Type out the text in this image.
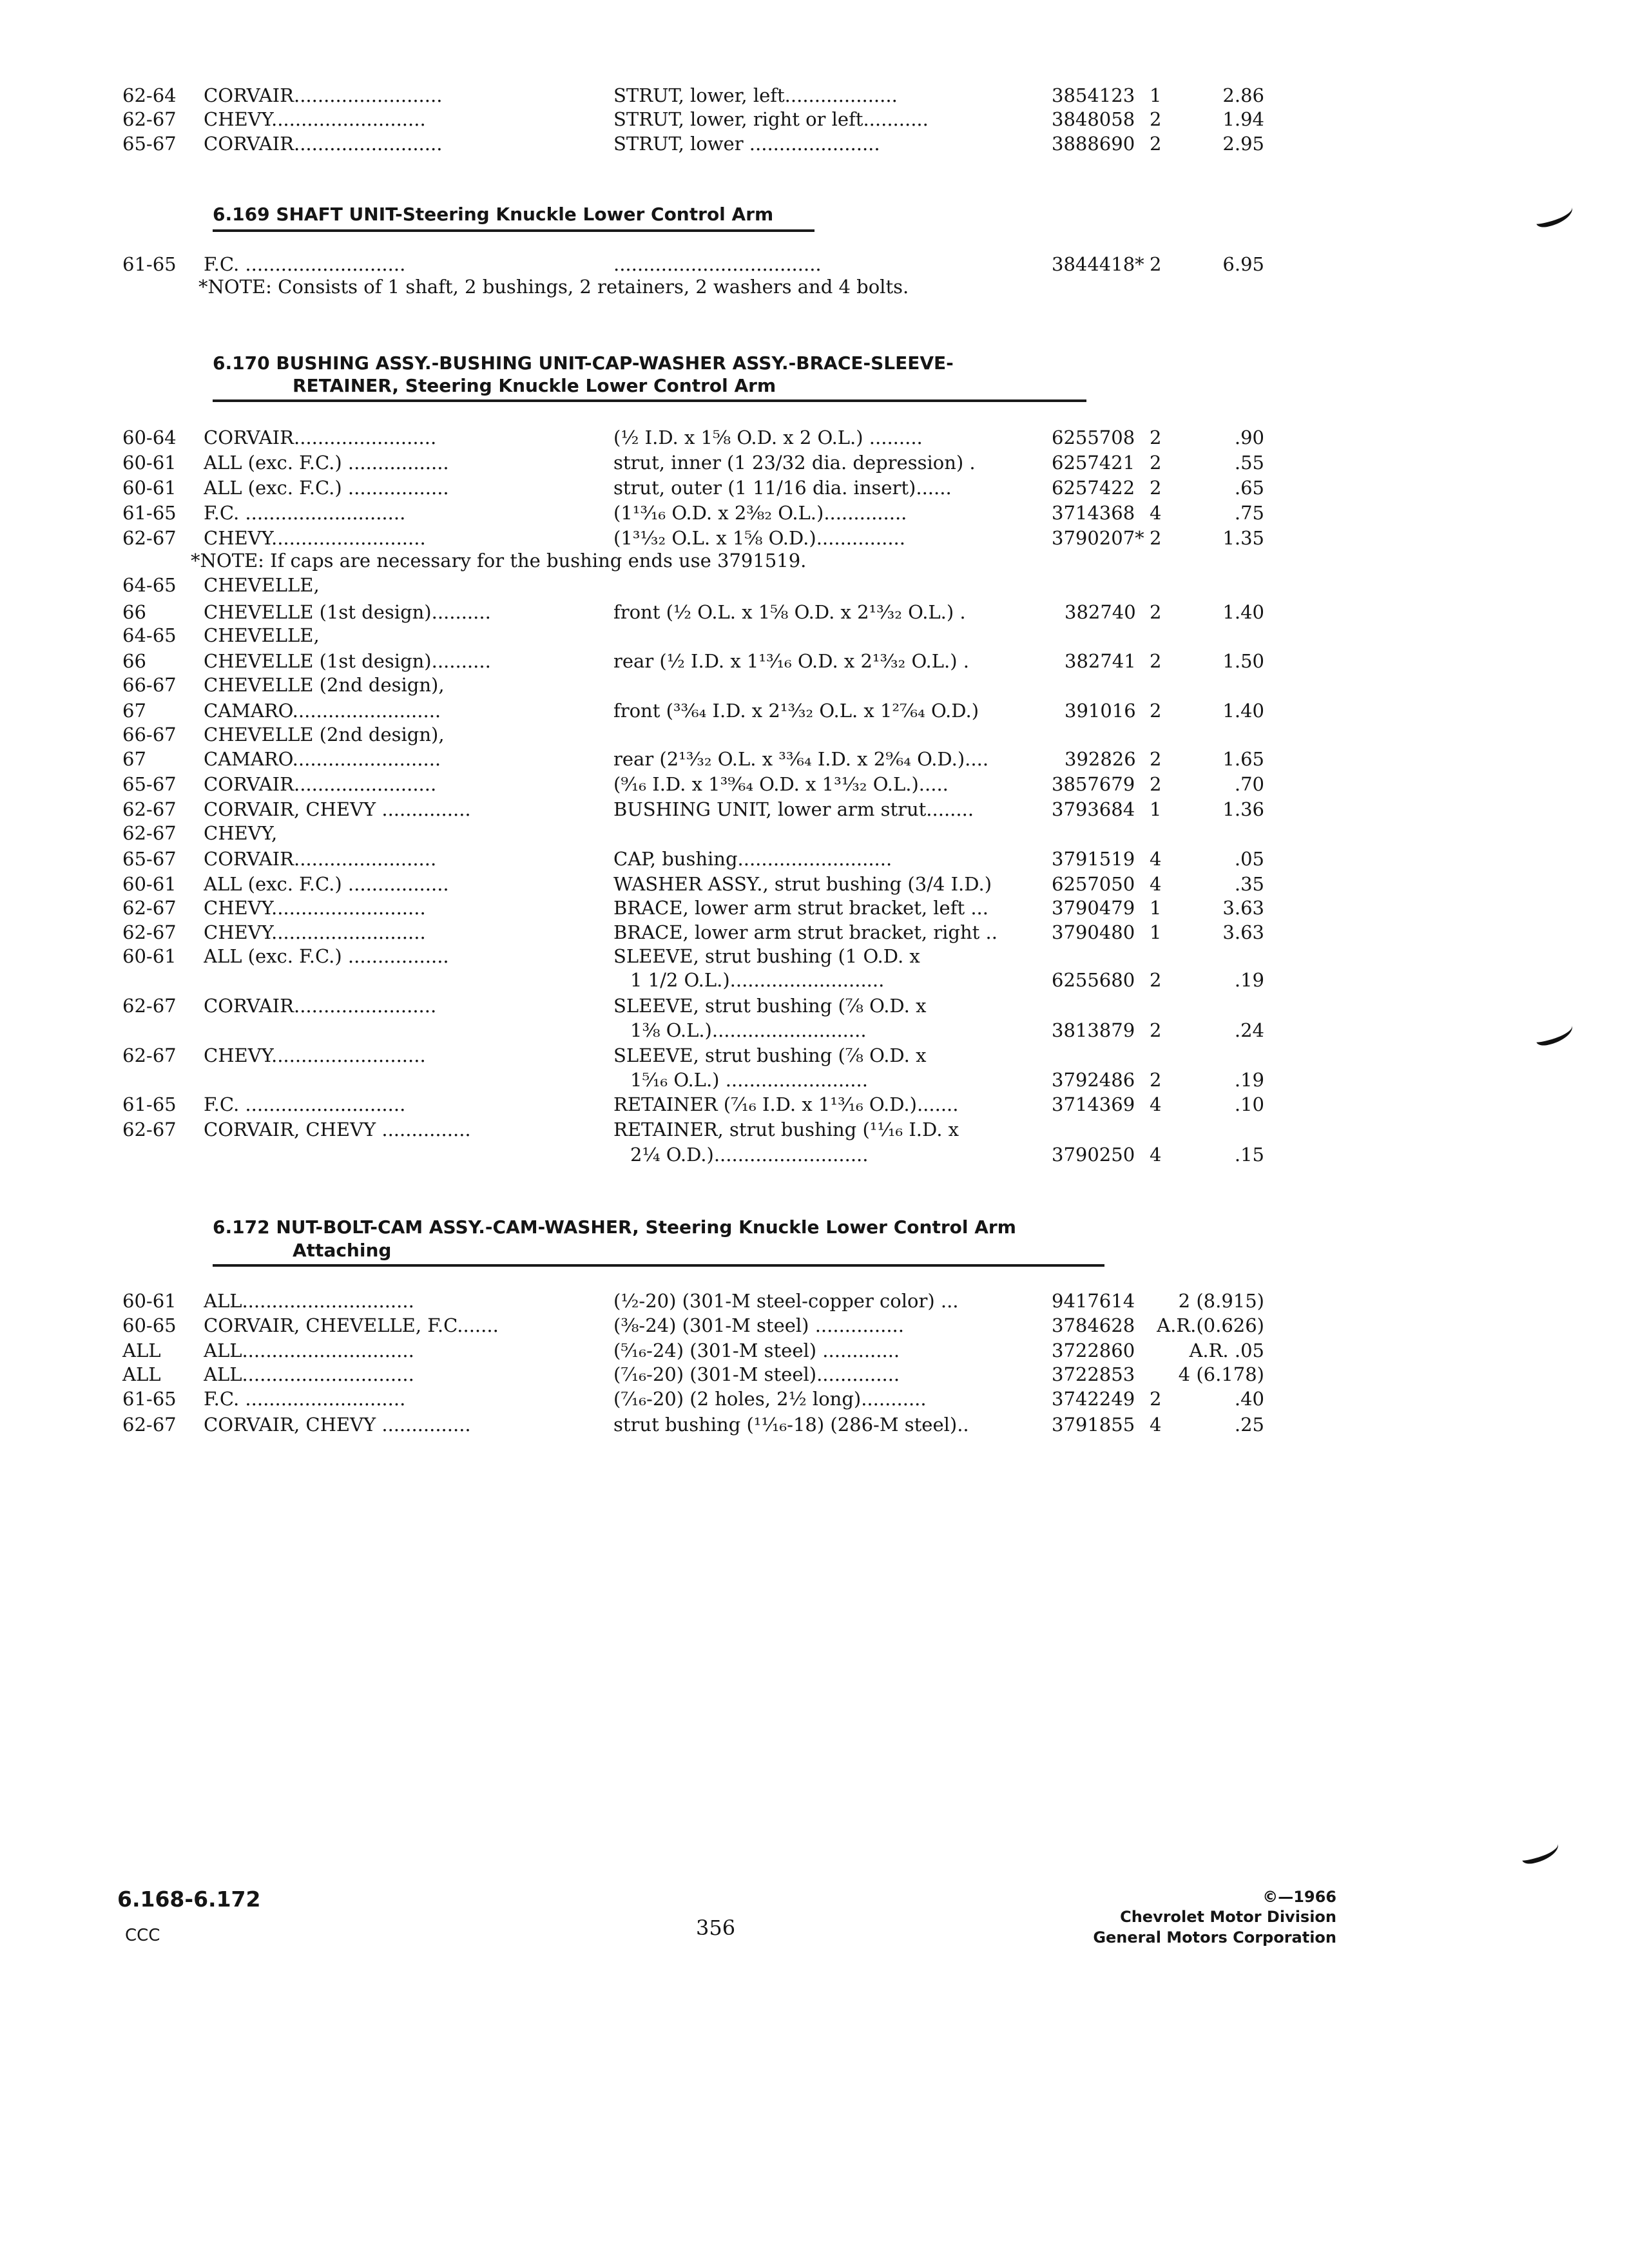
62-64 CORVAIR.........................	STRUT, lower, left...................	3854123 1	2.86
62-67 CHEVY..........................	STRUT, lower, right or left...........	3848058 2	1.94
65-67 CORVAIR.........................	STRUT, lower ......................	3888690 2	2.95
6.169 SHAFT UNIT-Steering Knuckle Lower Control Arm
61-65 F.C. ...........................	...................................	3844418* 2	6.95
*NOTE: Consists of 1 shaft, 2 bushings, 2 retainers, 2 washers and 4 bolts.
6.170 BUSHING ASSY.-BUSHING UNIT-CAP-WASHER ASSY.-BRACE-SLEEVE-
RETAINER, Steering Knuckle Lower Control Arm
60-64 CORVAIR........................	(½ I.D. x 1⅝ O.D. x 2 O.L.) .........	6255708 2	.90
60-61 ALL (exc. F.C.) .................	strut, inner (1 23/32 dia. depression) .	6257421 2	.55
60-61 ALL (exc. F.C.) .................	strut, outer (1 11/16 dia. insert)......	6257422 2	.65
61-65 F.C. ...........................	(1¹³⁄₁₆ O.D. x 2⅜₂ O.L.)..............	3714368 4	.75
62-67 CHEVY..........................	(1³¹⁄₃₂ O.L. x 1⅝ O.D.)...............	3790207* 2	1.35
*NOTE: If caps are necessary for the bushing ends use 3791519.
64-65 CHEVELLE,
66	CHEVELLE (1st design)..........	front (½ O.L. x 1⅝ O.D. x 2¹³⁄₃₂ O.L.) .	382740 2	1.40
64-65 CHEVELLE,
66	CHEVELLE (1st design)..........	rear (½ I.D. x 1¹³⁄₁₆ O.D. x 2¹³⁄₃₂ O.L.) .	382741 2	1.50
66-67 CHEVELLE (2nd design),
67	CAMARO.........................	front (³³⁄₆₄ I.D. x 2¹³⁄₃₂ O.L. x 1²⁷⁄₆₄ O.D.)	391016 2	1.40
66-67 CHEVELLE (2nd design),
67	CAMARO.........................	rear (2¹³⁄₃₂ O.L. x ³³⁄₆₄ I.D. x 2⁹⁄₆₄ O.D.)....	392826 2	1.65
65-67 CORVAIR........................	(⁹⁄₁₆ I.D. x 1³⁹⁄₆₄ O.D. x 1³¹⁄₃₂ O.L.).....	3857679 2	.70
62-67 CORVAIR, CHEVY ...............	BUSHING UNIT, lower arm strut........	3793684 1	1.36
62-67 CHEVY,
65-67 CORVAIR........................	CAP, bushing..........................	3791519 4	.05
60-61 ALL (exc. F.C.) .................	WASHER ASSY., strut bushing (3/4 I.D.)	6257050 4	.35
62-67 CHEVY..........................	BRACE, lower arm strut bracket, left ...	3790479 1	3.63
62-67 CHEVY..........................	BRACE, lower arm strut bracket, right ..	3790480 1	3.63
60-61 ALL (exc. F.C.) .................	SLEEVE, strut bushing (1 O.D. x
1 1/2 O.L.)..........................	6255680 2	.19
62-67 CORVAIR........................	SLEEVE, strut bushing (⅞ O.D. x
1⅜ O.L.)..........................	3813879 2	.24
62-67 CHEVY..........................	SLEEVE, strut bushing (⅞ O.D. x
1⁵⁄₁₆ O.L.) ........................	3792486 2	.19
61-65 F.C. ...........................	RETAINER (⁷⁄₁₆ I.D. x 1¹³⁄₁₆ O.D.).......	3714369 4	.10
62-67 CORVAIR, CHEVY ...............	RETAINER, strut bushing (¹¹⁄₁₆ I.D. x
2¼ O.D.)..........................	3790250 4	.15
6.172 NUT-BOLT-CAM ASSY.-CAM-WASHER, Steering Knuckle Lower Control Arm
Attaching
60-61 ALL.............................	(½-20) (301-M steel-copper color) ...	9417614	2 (8.915)
60-65 CORVAIR, CHEVELLE, F.C.......	(⅜-24) (301-M steel) ...............	3784628	A.R.(0.626)
ALL ALL.............................	(⁵⁄₁₆-24) (301-M steel) .............	3722860	A.R. .05
ALL ALL.............................	(⁷⁄₁₆-20) (301-M steel)..............	3722853	4 (6.178)
61-65 F.C. ...........................	(⁷⁄₁₆-20) (2 holes, 2½ long)...........	3742249 2	.40
62-67 CORVAIR, CHEVY ...............	strut bushing (¹¹⁄₁₆-18) (286-M steel)..	3791855 4	.25
6.168-6.172
CCC	356
©—1966
Chevrolet Motor Division
General Motors Corporation
